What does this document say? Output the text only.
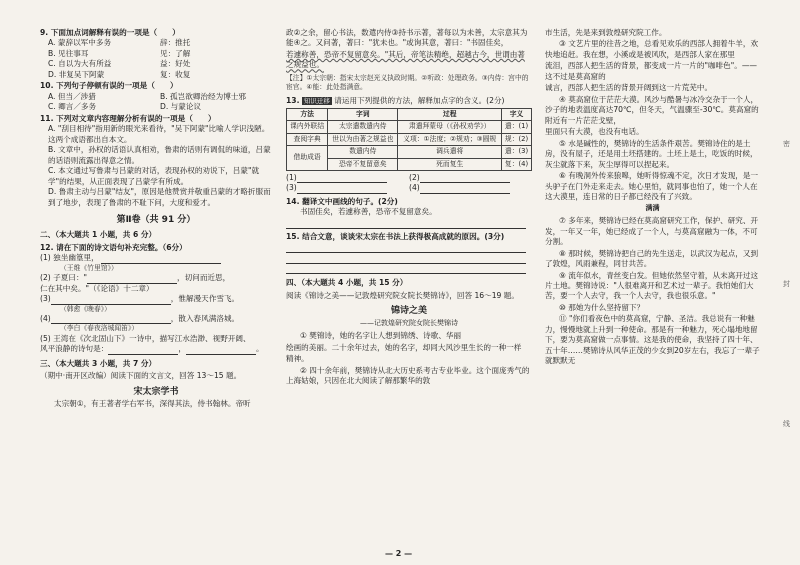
9. 下面加点词解释有误的一项是（　　）
A. 蒙辞以军中多务	辞：推托
B. 见往事耳	见：了解
C. 自以为大有所益	益：好处
D. 非复吴下阿蒙	复：收复
10. 下列句子停顿有误的一项是（　　）
A. 但当／涉猎	B. 孤岂欲卿治经为博士邪
C. 卿言／多务	D. 与蒙论议
11. 下列对文章内容理解分析有误的一项是（　　）
A. "刮目相待"指用新的眼光来看待，"吴下阿蒙"比喻人学识浅陋。这两个成语都出自本文。
B. 文章中，孙权的话语认真相劝，鲁肃的话则有调侃的味道，吕蒙的话语则流露出得意之情。
C. 本文通过写鲁肃与吕蒙的对话，表现孙权的劝说下，吕蒙"就学"的结果，从正面表现了吕蒙学有所成。
D. 鲁肃主动与吕蒙"结友"，原因是他赞赏并敬重吕蒙的才略折服而到了地步，表现了鲁肃的不耻下问，大度和爱才。
第Ⅱ卷（共 91 分）
二、（本大题共 1 小题，共 6 分）
12. 请在下面的诗文语句补充完整。（6分）
(1) 独坐幽篁里，
（王维《竹里馆》）
(2) 子夏曰："	，切问而近思，
仁在其中矣。"（《论语》十二章）
(3)	，惟解漫天作雪飞。
（韩愈《晚春》）
(4)	，散入春风满洛城。
（李白《春夜洛城闻笛》）
(5) 王湾在《次北固山下》一诗中，描写江水浩渺、视野开阔、
风平浪静的诗句是：	，	。
三、（本大题共 3 小题，共 7 分）
（期中·南开区改编）阅读下面的文言文，回答 13～15 题。
宋太宗学书
太宗朝①，有王著者学右军书，深得其法，侍书翰林。帝听
政②之余，留心书法，数遣内侍③持书示著，著每以为未善，太宗意其为能④之。又问著，著曰："犹未也。"或询其意，著曰："书固佳矣，
若遽称善，恐帝不复留意矣。"其后，帝笔法精绝，超越古今，世谓由著之规益也。
【注】①太宗朝：指宋太宗赵光义执政时期。②听政：处理政务。③内侍：宫中的宦官。④能：此处指满意。
13. 知识迁移 请运用下列提供的方法，解释加点字的含义。(2分)
方法	字词	过程	字义
课内外联结	太宗遣数遣内侍	肃遣拜蒙母（《孙权劝学》）	遣：(1)
查阅字典	世以为由著之规益也	义项：①法度；②规劝；③圆规	规：(2)
借助成语	数遣内侍	调兵遣将	遣：(3)
	恐帝不复留意矣	死而复生	复：(4)
(1)	(2)
(3)	(4)
14. 翻译文中画线的句子。(2分)
书固佳矣，若遽称善，恐帝不复留意矣。
15. 结合文意，谈谈宋太宗在书法上获得极高成就的原因。(3分)
四、（本大题共 4 小题，共 15 分）
阅读《锦诗之美——记敦煌研究院女院长樊锦诗》，回答 16～19 题。
锦诗之美
——记敦煌研究院女院长樊锦诗
① 樊锦诗，她的名字让人想到锦绣、诗歌、华丽
绘画的美丽。二十余年过去，她的名字，却同大风沙里生长的一种一样
精神。
② 四十余年前，樊锦诗从北大历史系考古专业毕业。这个面庞秀气的上海姑娘，只因在北大阅读了解那繁华的敦
市生活，先是来到敦煌研究院工作。
③ 文艺片里的往昔之地，总看见欢乐的西部人拥着牛羊，欢快地追赶。我在想，小溪或是被风吹，是西部人家在那里
流泪，西部人把生活的背景，都变成一片一片的"咖啡色"。——这不过是莫高窟的
诚言，西部人把生活的背景开阔到这一片荒芜中。
④ 莫高窟位于茫茫大漠。风沙与酷暑与冰冷交杂于一个人，沙子的地表温度高达70℃，但冬天，气温骤至-30℃。莫高窟的附近有一片茫茫戈壁，
里面只有大漠，也没有电话。
⑤ 水是碱性的，樊锦诗的生活条件艰苦。樊锦诗住的是土房，没有屋子，还是用土坯搭建的。土坯上是土，吃饭的时候，灰尘就落下来，灰尘厚得可以捏起来。
⑥ 有晚洞外传来狼嗥，她听得惊魂不定，次日才发现，是一头驴子在门外走来走去。她心里怕，就同事也怕了，她一个人在这大漠里，连日常的日子都已经没有了兴致。
满满
⑦ 多年来，樊锦诗已经在莫高窟研究工作，保护、研究、开发，一年又一年，她已经成了一个人，与莫高窟融为一体，不可分割。
⑧ 那时候，樊锦诗把自己的先生送走，以武汉为起点，又到了敦煌，风雨兼程，同甘共苦。
⑨ 流年似水，青丝变白发。但她依然坚守着，从未离开过这片土地。樊锦诗说："人很难离开和艺术过一辈子。我怕她们大苦，要一个人去守，我一个人去守，我也很乐意。"
⑩ 那她为什么坚持留下？
⑪ "你们看夜色中的莫高窟，宁静、圣洁。我总说有一种魅力，慢慢地就上升到一种使命。那是有一种魅力，死心塌地地留下，要为莫高窟做一点事情。这是我的使命，我坚持了四十年、五十年……樊锦诗从风华正茂的少女到20岁左右，我忘了一辈子就默默无
密
封
线
— 2 —
